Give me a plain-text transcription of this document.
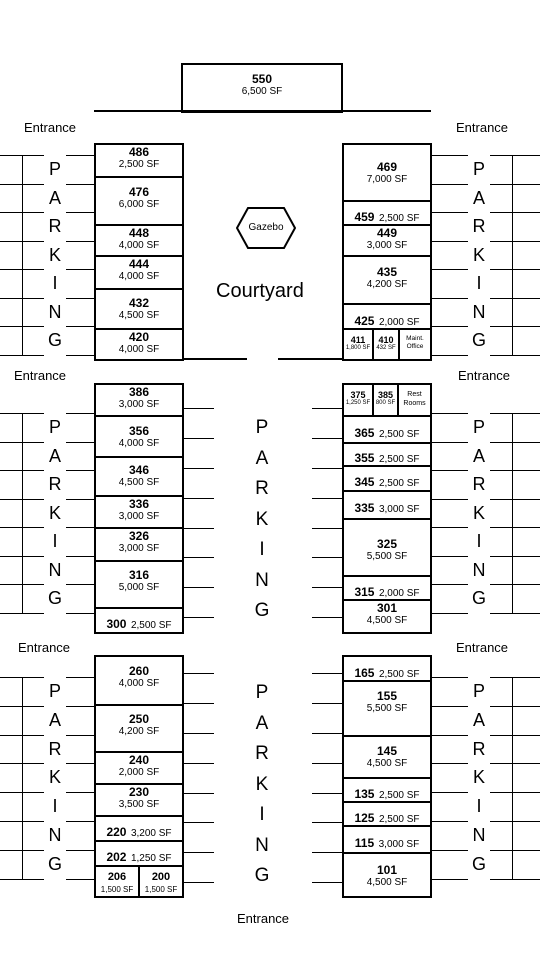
550
6,500 SF
Entrance	Entrance
Entrance	Entrance
Entrance	Entrance
Entrance
Courtyard
Gazebo
486
2,500 SF
476
6,000 SF
448
4,000 SF
444
4,000 SF
432
4,500 SF
420
4,000 SF
469
7,000 SF
459 2,500 SF
449
3,000 SF
435
4,200 SF
425 2,000 SF
411
1,800 SF
410
432 SF
Maint. Office
386
3,000 SF
356
4,000 SF
346
4,500 SF
336
3,000 SF
326
3,000 SF
316
5,000 SF
300 2,500 SF
375
1,250 SF
385
800 SF
Rest Rooms
365 2,500 SF
355 2,500 SF
345 2,500 SF
335 3,000 SF
325
5,500 SF
315 2,000 SF
301
4,500 SF
260
4,000 SF
250
4,200 SF
240
2,000 SF
230
3,500 SF
220 3,200 SF
202 1,250 SF
206
1,500 SF
200
1,500 SF
165 2,500 SF
155
5,500 SF
145
4,500 SF
135 2,500 SF
125 2,500 SF
115 3,000 SF
101
4,500 SF
P	P
A	A
R	R
K	K
I	I
N	N
G	G
P	P
A	A
R	R
K	K
I	I
N	N
G	G
P	P
A	A
R	R
K	K
I	I
N	N
G	G
P
A
R
K
I
N
G
P
A
R
K
I
N
G
